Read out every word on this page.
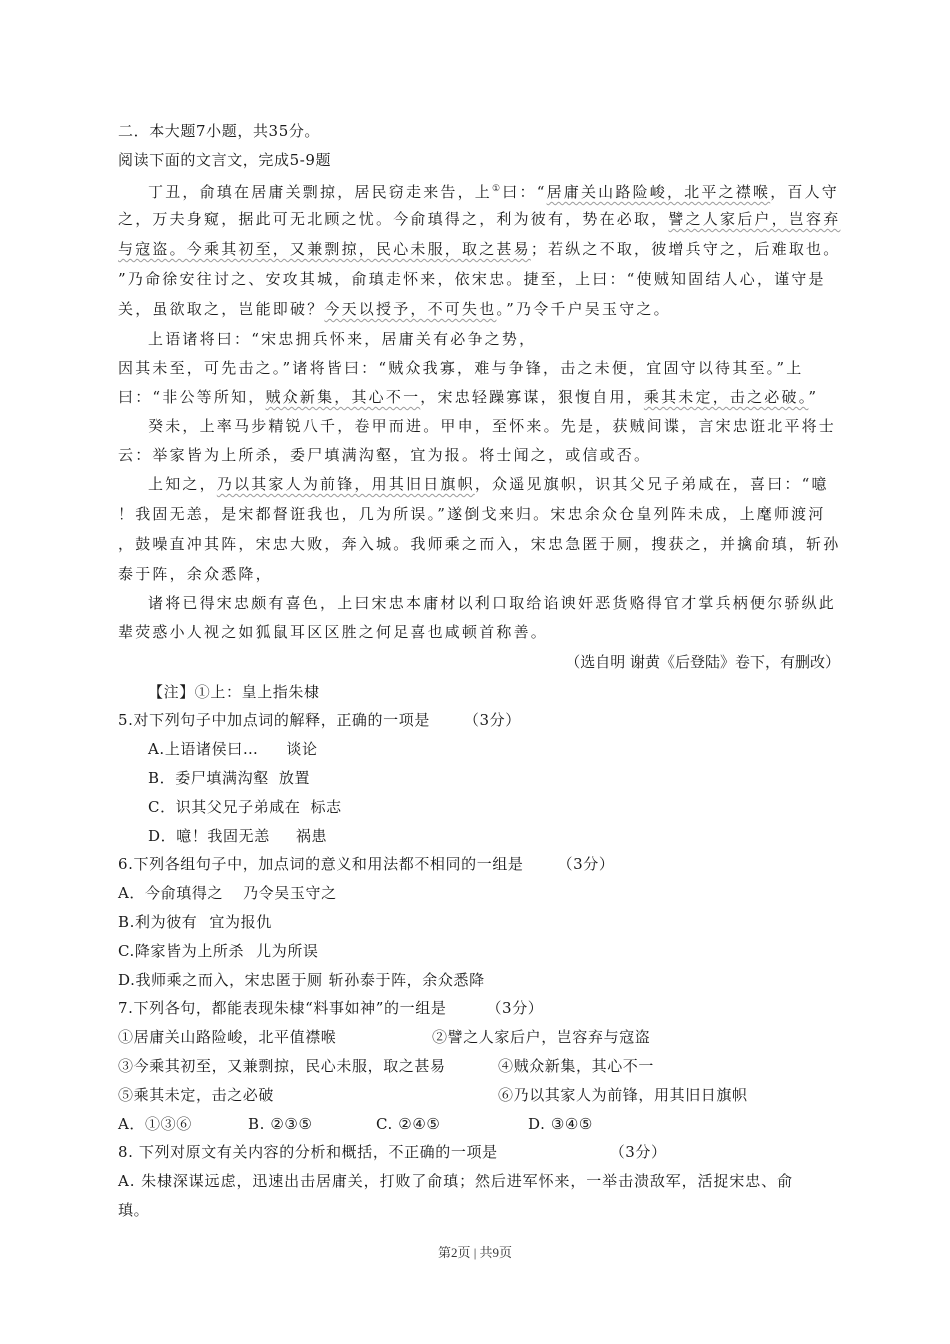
二．本大题7小题，共35分。
阅读下面的文言文，完成5-9题
丁丑，俞瑱在居庸关剽掠，居民窃走来告，上①曰：“居庸关山路险峻，北平之襟喉，百人守
之，万夫身窥，据此可无北顾之忧。今俞瑱得之，利为彼有，势在必取，譬之人家后户，岂容弃
与寇盗。今乘其初至，又兼剽掠，民心未服，取之甚易；若纵之不取，彼增兵守之，后难取也。
”乃命徐安往讨之、安攻其城，俞瑱走怀来，依宋忠。捷至，上曰：“使贼知固结人心，谨守是
关，虽欲取之，岂能即破？今天以授予，不可失也。”乃令千户吴玉守之。
上语诸将曰：“宋忠拥兵怀来，居庸关有必争之势，
因其未至，可先击之。”诸将皆曰：“贼众我寡，难与争锋，击之未便，宜固守以待其至。”上
曰：“非公等所知，贼众新集，其心不一，宋忠轻躁寡谋，狠愎自用，乘其未定，击之必破。”
癸未，上率马步精锐八千，卷甲而进。甲申，至怀来。先是，获贼间谍，言宋忠诳北平将士
云：举家皆为上所杀，委尸填满沟壑，宜为报。将士闻之，或信或否。
上知之，乃以其家人为前锋，用其旧日旗帜，众遥见旗帜，识其父兄子弟咸在，喜曰：“噫
！我固无恙，是宋都督诳我也，几为所误。”遂倒戈来归。宋忠余众仓皇列阵未成，上麾师渡河
，鼓噪直冲其阵，宋忠大败，奔入城。我师乘之而入，宋忠急匿于厕，搜获之，并擒俞瑱，斩孙
泰于阵，余众悉降，
诸将已得宋忠颇有喜色，上曰宋忠本庸材以利口取给谄谀奸恶货赂得官才掌兵柄便尔骄纵此
辈荧惑小人视之如狐鼠耳区区胜之何足喜也咸顿首称善。
（选自明 谢黄《后登陆》卷下，有删改）
【注】①上：皇上指朱棣
5.对下列句子中加点词的解释，正确的一项是 （3分）
A.上语诸侯曰… 谈论
B．委尸填满沟壑 放置
C．识其父兄子弟咸在 标志
D．噫！我固无恙 祸患
6.下列各组句子中，加点词的意义和用法都不相同的一组是 （3分）
A．今俞瑱得之 乃令吴玉守之
B.利为彼有 宜为报仇
C.降家皆为上所杀 儿为所误
D.我师乘之而入，宋忠匿于厕 斩孙泰于阵，余众悉降
7.下列各句，都能表现朱棣“料事如神”的一组是	（3分）
①居庸关山路险峻，北平值襟喉	②譬之人家后户，岂容弃与寇盗
③今乘其初至，又兼剽掠，民心未服，取之甚易	④贼众新集，其心不一
⑤乘其未定，击之必破	⑥乃以其家人为前锋，用其旧日旗帜
A．①③⑥	B. ②③⑤	C. ②④⑤	D. ③④⑤
8. 下列对原文有关内容的分析和概括，不正确的一项是	（3分）
A. 朱棣深谋远虑，迅速出击居庸关，打败了俞瑱；然后进军怀来，一举击溃敌军，活捉宋忠、俞
瑱。
第2页 | 共9页
